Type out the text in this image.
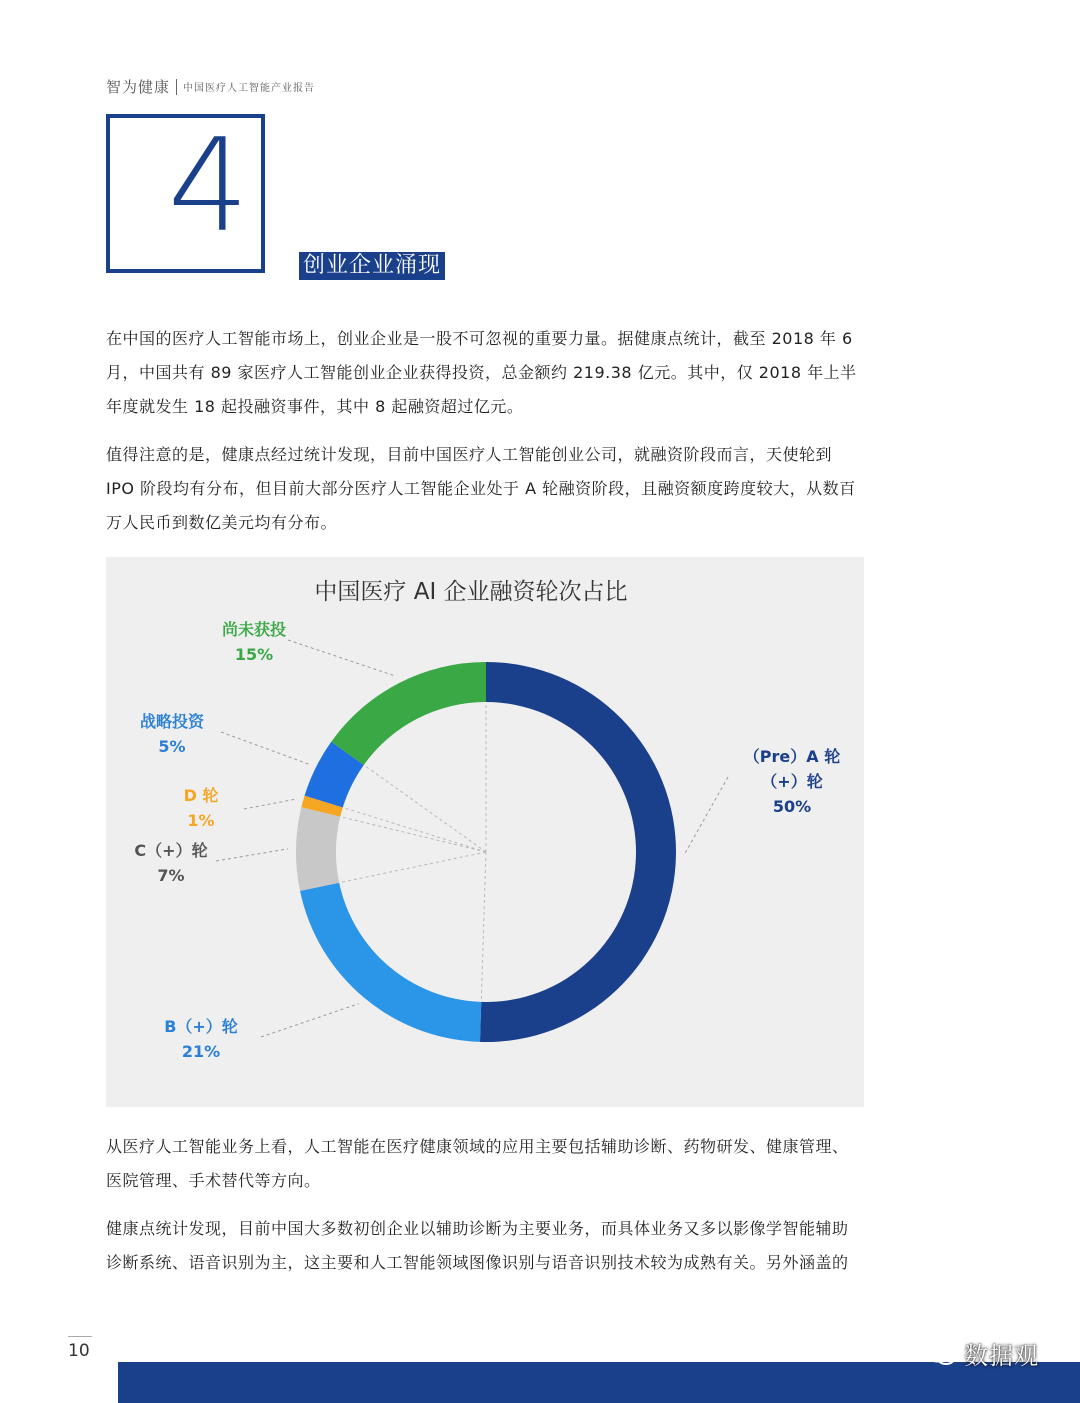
智为健康 中国医疗人工智能产业报告
4
创业企业涌现

在中国的医疗人工智能市场上，创业企业是一股不可忽视的重要力量。据健康点统计，截至 2018 年 6 月，中国共有 89 家医疗人工智能创业企业获得投资，总金额约 219.38 亿元。其中，仅 2018 年上半年度就发生 18 起投融资事件，其中 8 起融资超过亿元。

值得注意的是，健康点经过统计发现，目前中国医疗人工智能创业公司，就融资阶段而言，天使轮到 IPO 阶段均有分布，但目前大部分医疗人工智能企业处于 A 轮融资阶段，且融资额度跨度较大，从数百万人民币到数亿美元均有分布。

中国医疗 AI 企业融资轮次占比
（Pre）A 轮
（+）轮
50%
B（+）轮
21%
C（+）轮
7%
D 轮
1%
战略投资
5%
尚未获投
15%

从医疗人工智能业务上看，人工智能在医疗健康领域的应用主要包括辅助诊断、药物研发、健康管理、医院管理、手术替代等方向。

健康点统计发现，目前中国大多数初创企业以辅助诊断为主要业务，而具体业务又多以影像学智能辅助诊断系统、语音识别为主，这主要和人工智能领域图像识别与语音识别技术较为成熟有关。另外涵盖的

10	数据观
